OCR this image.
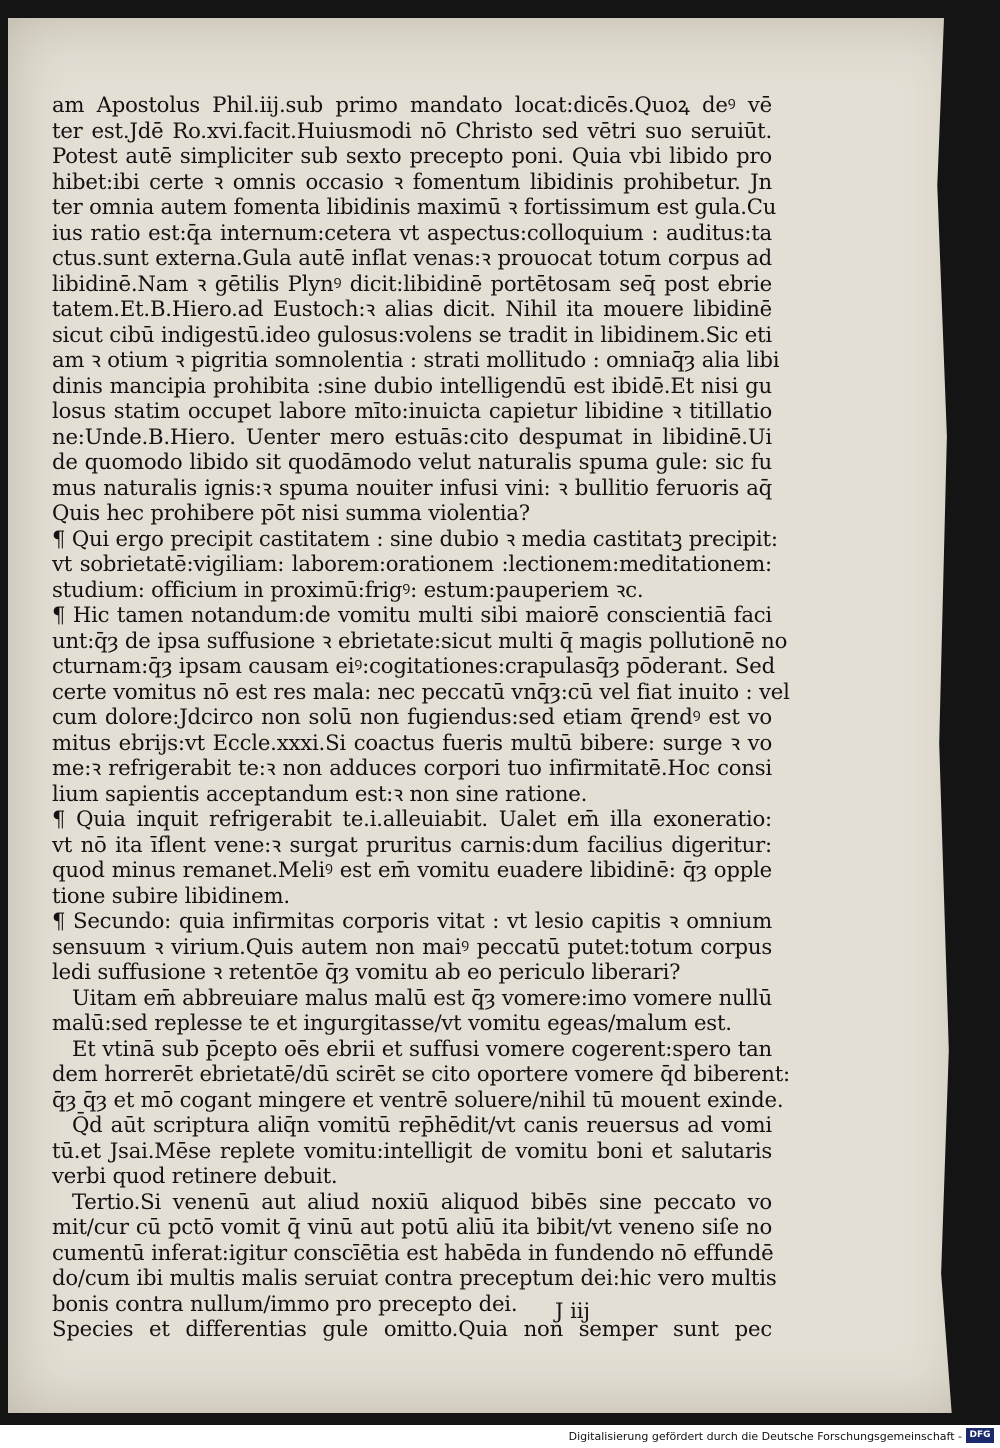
am Apostolus Phil.iij.sub primo mandato locat:dicēs.Quoꝝ deꝰ vē
ter est.Jdē Ro.xvi.facit.Huiusmodi nō Christo sed vētri suo seruiūt.
Potest autē simpliciter sub sexto precepto poni. Quia vbi libido pro
hibet:ibi certe ꝛ omnis occasio ꝛ fomentum libidinis prohibetur. Jn
ter omnia autem fomenta libidinis maximū ꝛ fortissimum est gula.Cu
ius ratio est:q̄a internum:cetera vt aspectus:colloquium : auditus:ta
ctus.sunt externa.Gula autē inflat venas:ꝛ prouocat totum corpus ad
libidinē.Nam ꝛ gētilis Plynꝰ dicit:libidinē portētosam seq̄ post ebrie
tatem.Et.B.Hiero.ad Eustoch:ꝛ alias dicit. Nihil ita mouere libidinē
sicut cibū indigestū.ideo gulosus:volens se tradit in libidinem.Sic eti
am ꝛ otium ꝛ pigritia somnolentia : strati mollitudo : omniaq̄ȝ alia libi
dinis mancipia prohibita :sine dubio intelligendū est ibidē.Et nisi gu
losus statim occupet labore mīto:inuicta capietur libidine ꝛ titillatio
ne:Unde.B.Hiero. Uenter mero estuās:cito despumat in libidinē.Ui
de quomodo libido sit quodāmodo velut naturalis spuma gule: sic fu
mus naturalis ignis:ꝛ spuma nouiter infusi vini: ꝛ bullitio feruoris aq̄
Quis hec prohibere pōt nisi summa violentia?
¶ Qui ergo precipit castitatem : sine dubio ꝛ media castitatꝫ precipit:
vt sobrietatē:vigiliam: laborem:orationem :lectionem:meditationem:
studium: officium in proximū:frigꝰ: estum:pauperiem ꝛc.
¶ Hic tamen notandum:de vomitu multi sibi maiorē conscientiā faci
unt:q̄ȝ de ipsa suffusione ꝛ ebrietate:sicut multi q̄ magis pollutionē no
cturnam:q̄ȝ ipsam causam eiꝰ:cogitationes:crapulasq̄ȝ pōderant. Sed
certe vomitus nō est res mala: nec peccatū vnq̄ȝ:cū vel fiat inuito : vel
cum dolore:Jdcirco non solū non fugiendus:sed etiam q̄rendꝰ est vo
mitus ebrijs:vt Eccle.xxxi.Si coactus fueris multū bibere: surge ꝛ vo
me:ꝛ refrigerabit te:ꝛ non adduces corpori tuo infirmitatē.Hoc consi
lium sapientis acceptandum est:ꝛ non sine ratione.
¶ Quia inquit refrigerabit te.i.alleuiabit. Ualet em̄ illa exoneratio:
vt nō ita īflent vene:ꝛ surgat pruritus carnis:dum facilius digeritur:
quod minus remanet.Meliꝰ est em̄ vomitu euadere libidinē: q̄ȝ opple
tione subire libidinem.
¶ Secundo: quia infirmitas corporis vitat : vt lesio capitis ꝛ omnium
sensuum ꝛ virium.Quis autem non maiꝰ peccatū putet:totum corpus
ledi suffusione ꝛ retentōe q̄ȝ vomitu ab eo periculo liberari?
Uitam em̄ abbreuiare malus malū est q̄ȝ vomere:imo vomere nullū
malū:sed replesse te et ingurgitasse/vt vomitu egeas/malum est.
Et vtinā sub p̄cepto oēs ebrii et suffusi vomere cogerent:spero tan
dem horrerēt ebrietatē/dū scirēt se cito oportere vomere q̄d biberent:
q̄ȝ q̄ȝ et mō cogant mingere et ventrē soluere/nihil tū mouent exinde.
Q̄d aūt scriptura aliq̄n vomitū rep̄hēdit/vt canis reuersus ad vomi
tū.et Jsai.Mēse replete vomitu:intelligit de vomitu boni et salutaris
verbi quod retinere debuit.
Tertio.Si venenū aut aliud noxiū aliquod bibēs sine peccato vo
mit/cur cū pctō vomit q̄ vinū aut potū aliū ita bibit/vt veneno siſe no
cumentū inferat:igitur conscīētia est habēda in fundendo nō effundē
do/cum ibi multis malis seruiat contra preceptum dei:hic vero multis
bonis contra nullum/immo pro precepto dei.
Species et differentias gule omitto.Quia non semper sunt pec
J iij
Digitalisierung gefördert durch die Deutsche Forschungsgemeinschaft - DFG
